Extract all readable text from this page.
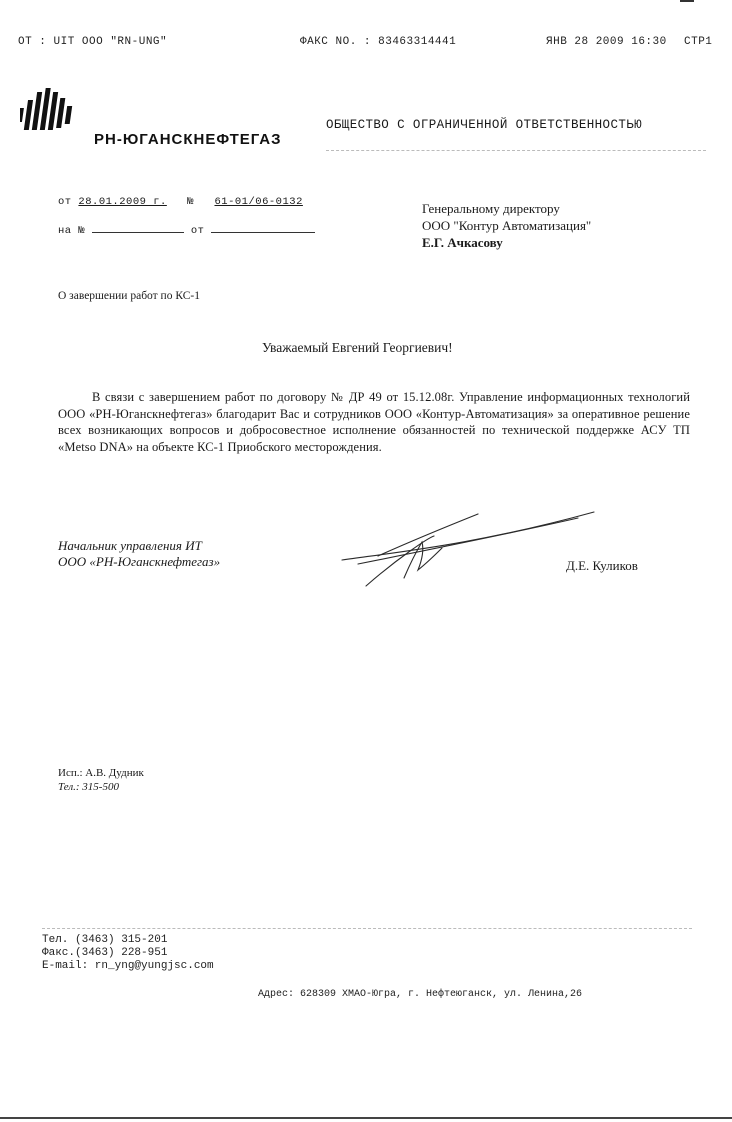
OT : UIT OOO "RN-UNG"	ФАКС NO. : 83463314441	ЯНВ 28 2009 16:30 СТР1
РН-ЮГАНСКНЕФТЕГАЗ
ОБЩЕСТВО С ОГРАНИЧЕННОЙ ОТВЕТСТВЕННОСТЬЮ
от 28.01.2009 г. № 61-01/06-0132
на №	от
Генеральному директору
ООО "Контур Автоматизация"
Е.Г. Ачкасову
О завершении работ по КС-1
Уважаемый Евгений Георгиевич!
В связи с завершением работ по договору № ДР 49 от 15.12.08г. Управление информационных технологий ООО «РН-Юганскнефтегаз» благодарит Вас и сотрудников ООО «Контур-Автоматизация» за оперативное решение всех возникающих вопросов и добросовестное исполнение обязанностей по технической поддержке АСУ ТП «Metso DNA» на объекте КС-1 Приобского месторождения.
Начальник управления ИТ
ООО «РН-Юганскнефтегаз»	Д.Е. Куликов
Исп.: А.В. Дудник
Тел.: 315-500
Тел. (3463) 315-201
Факс.(3463) 228-951
E-mail: rn_yng@yungjsc.com
Адрес: 628309 ХМАО-Югра, г. Нефтеюганск, ул. Ленина,26
